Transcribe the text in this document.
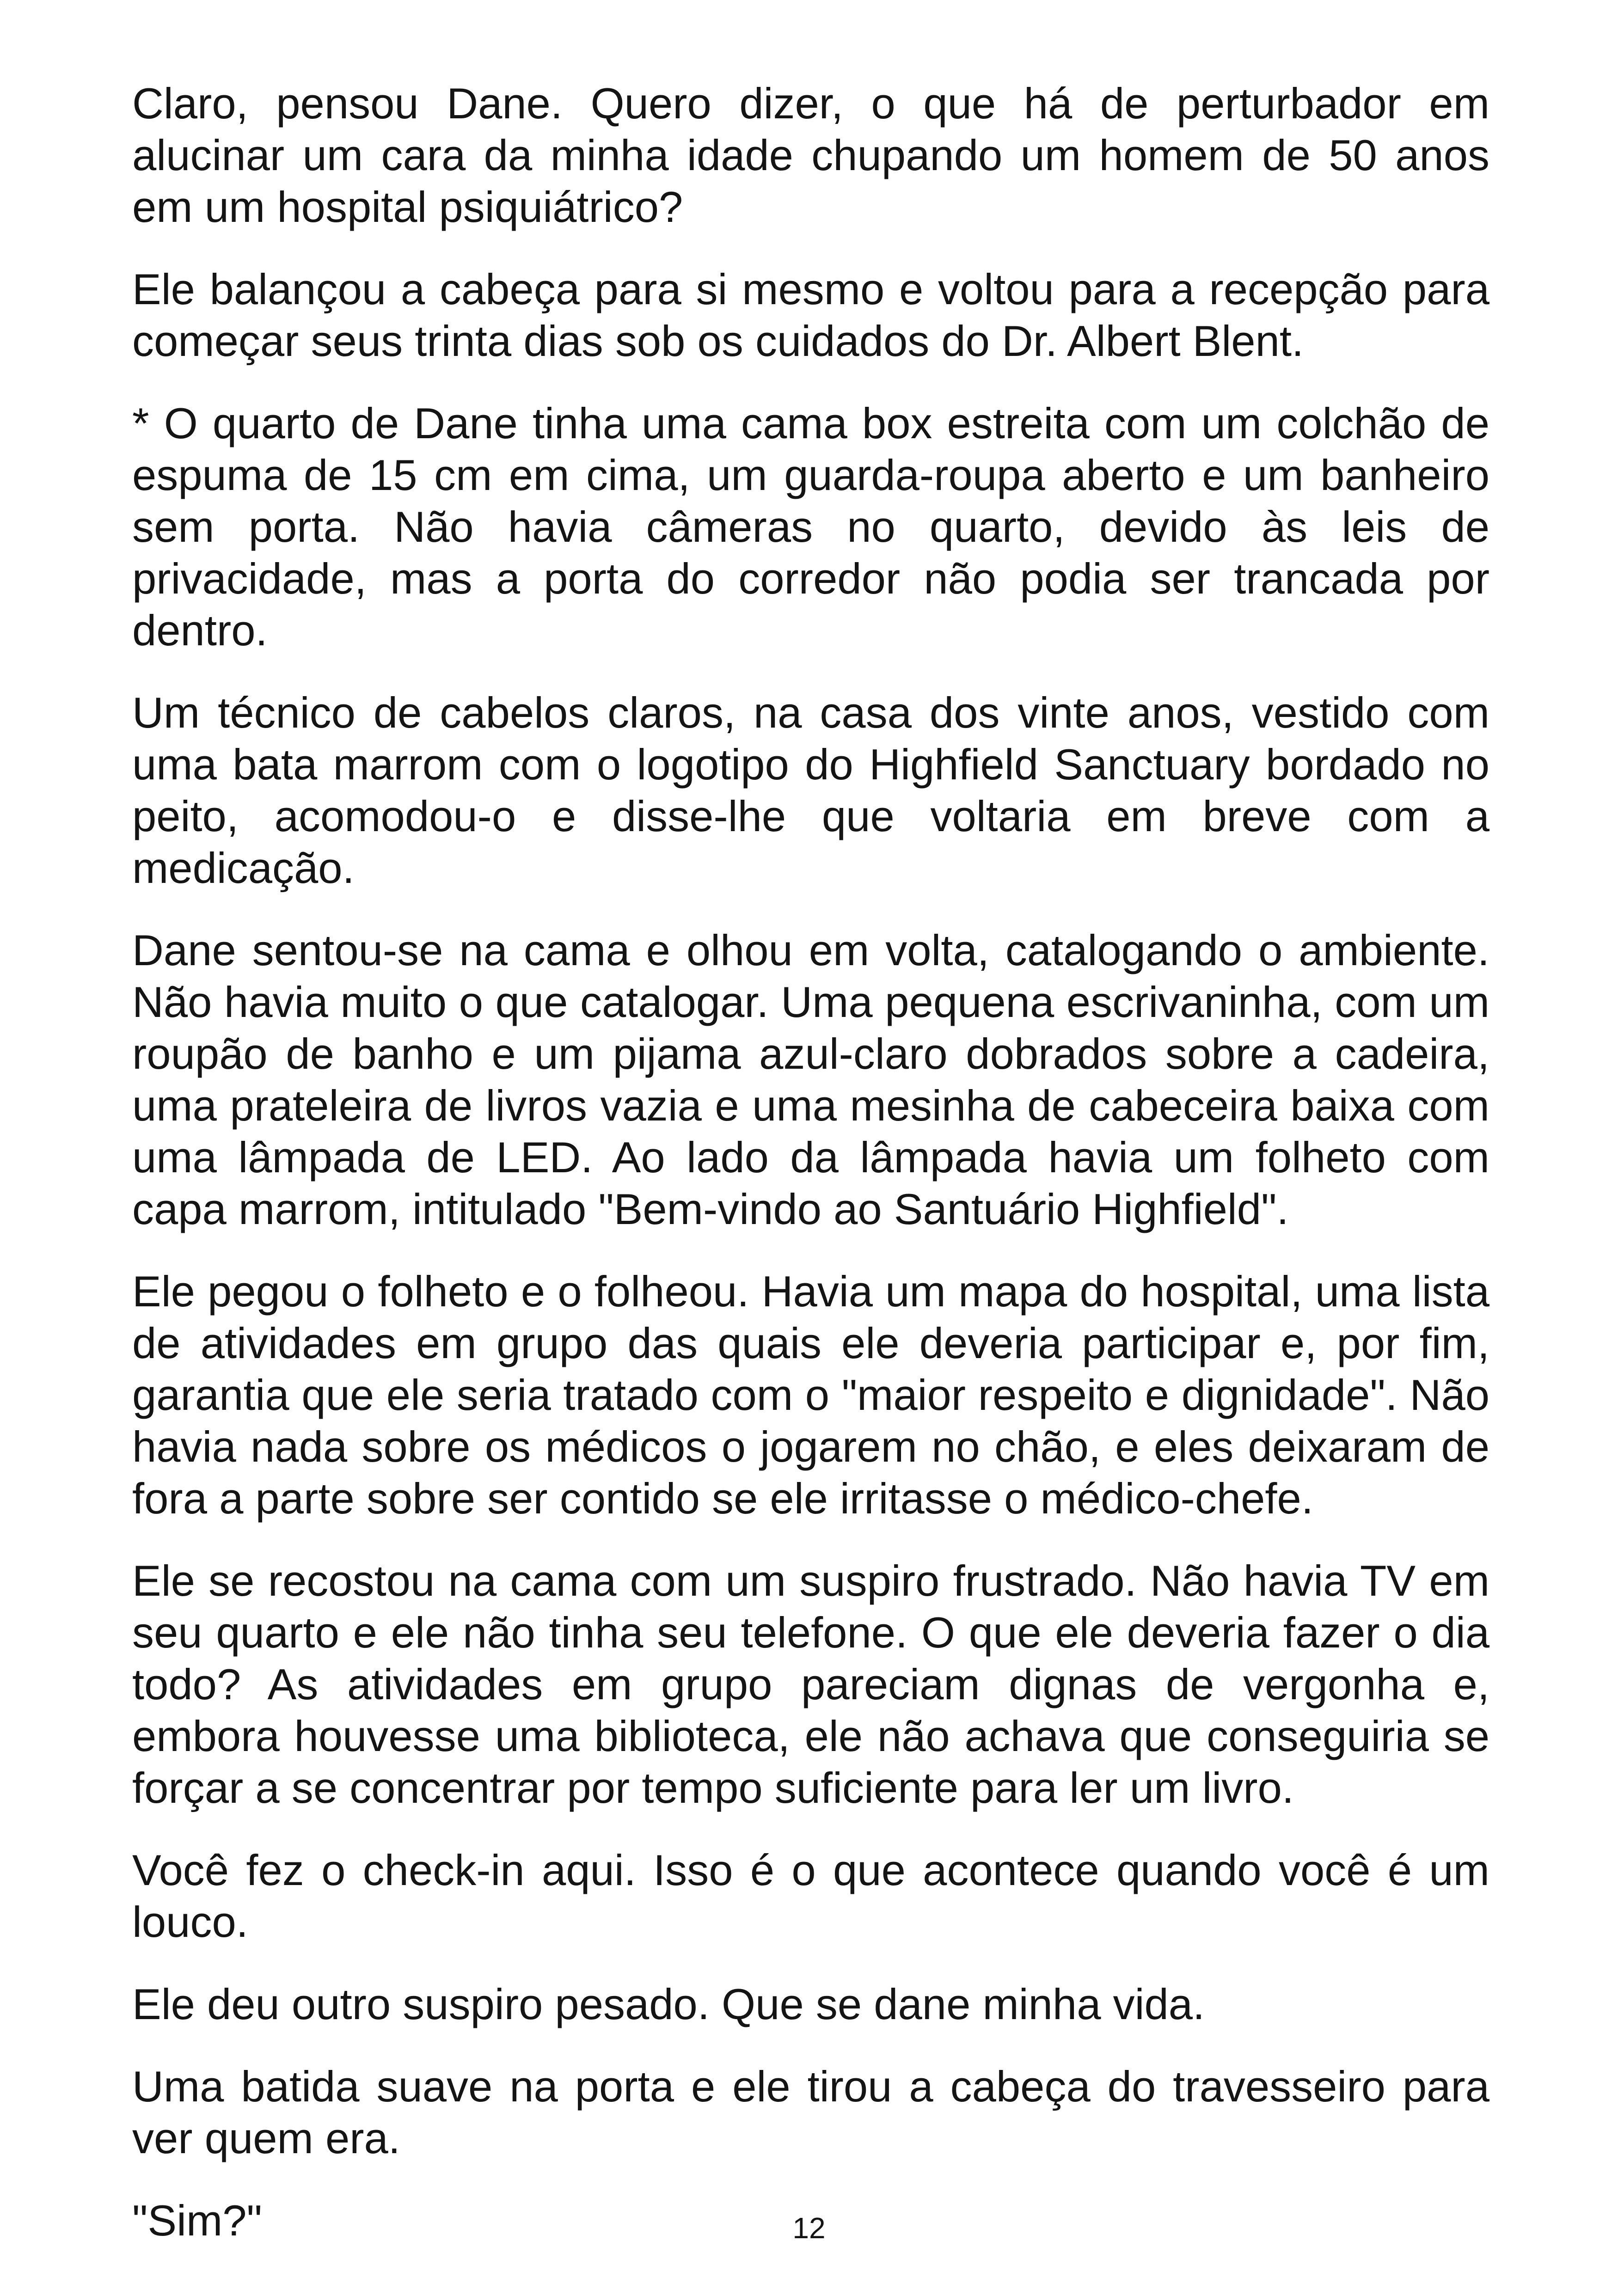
Claro, pensou Dane. Quero dizer, o que há de perturbador em alucinar um cara da minha idade chupando um homem de 50 anos em um hospital psiquiátrico?

Ele balançou a cabeça para si mesmo e voltou para a recepção para começar seus trinta dias sob os cuidados do Dr. Albert Blent.

* O quarto de Dane tinha uma cama box estreita com um colchão de espuma de 15 cm em cima, um guarda-roupa aberto e um banheiro sem porta. Não havia câmeras no quarto, devido às leis de privacidade, mas a porta do corredor não podia ser trancada por dentro.

Um técnico de cabelos claros, na casa dos vinte anos, vestido com uma bata marrom com o logotipo do Highfield Sanctuary bordado no peito, acomodou-o e disse-lhe que voltaria em breve com a medicação.

Dane sentou-se na cama e olhou em volta, catalogando o ambiente. Não havia muito o que catalogar. Uma pequena escrivaninha, com um roupão de banho e um pijama azul-claro dobrados sobre a cadeira, uma prateleira de livros vazia e uma mesinha de cabeceira baixa com uma lâmpada de LED. Ao lado da lâmpada havia um folheto com capa marrom, intitulado "Bem-vindo ao Santuário Highfield".

Ele pegou o folheto e o folheou. Havia um mapa do hospital, uma lista de atividades em grupo das quais ele deveria participar e, por fim, garantia que ele seria tratado com o "maior respeito e dignidade". Não havia nada sobre os médicos o jogarem no chão, e eles deixaram de fora a parte sobre ser contido se ele irritasse o médico-chefe.

Ele se recostou na cama com um suspiro frustrado. Não havia TV em seu quarto e ele não tinha seu telefone. O que ele deveria fazer o dia todo? As atividades em grupo pareciam dignas de vergonha e, embora houvesse uma biblioteca, ele não achava que conseguiria se forçar a se concentrar por tempo suficiente para ler um livro.

Você fez o check-in aqui. Isso é o que acontece quando você é um louco.

Ele deu outro suspiro pesado. Que se dane minha vida.

Uma batida suave na porta e ele tirou a cabeça do travesseiro para ver quem era.

"Sim?"	12
